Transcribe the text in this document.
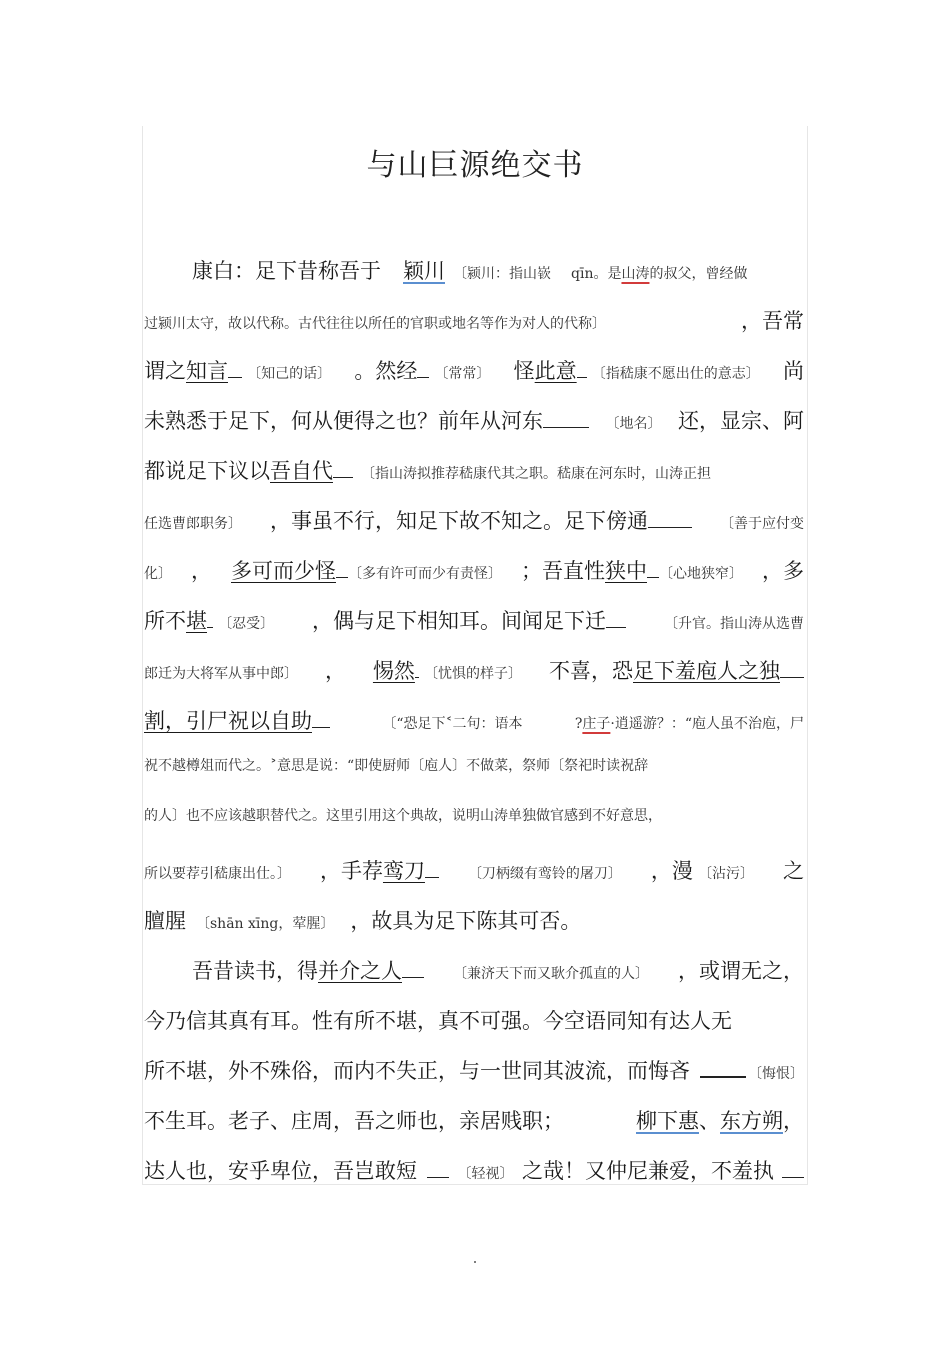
与山巨源绝交书
康白：足下昔称吾于 颖川 〔颍川：指山嵚 qīn。是山涛的叔父，曾经做
过颍川太守，故以代称。古代往往以所任的官职或地名等作为对人的代称〕	，吾常
谓之知言 〔知己的话〕 。然经 〔常常〕 怪此意 〔指嵇康不愿出仕的意志〕 尚
未熟悉于足下，何从便得之也？前年从河东	〔地名〕 还，显宗、阿
都说足下议以吾自代 〔指山涛拟推荐嵇康代其之职。嵇康在河东时，山涛正担
任选曹郎职务〕 ，事虽不行，知足下故不知之。足下傍通	〔善于应付变
化〕 ， 多可而少怪 〔多有许可而少有责怪〕 ；吾直性狭中 〔心地狭窄〕 ，多
所不堪 〔忍受〕 ，偶与足下相知耳。间闻足下迁	〔升官。指山涛从选曹
郎迁为大将军从事中郎〕 ， 惕然 〔忧惧的样子〕 不喜，恐足下羞庖人之独
割，引尸祝以自助	〔“恐足下˂二句：语本	?庄子·逍遥游？：“庖人虽不治庖，尸
祝不越樽俎而代之。˃意思是说：“即使厨师〔庖人〕不做菜，祭师〔祭祀时读祝辞
的人〕也不应该越职替代之。这里引用这个典故，说明山涛单独做官感到不好意思，
所以要荐引嵇康出仕。〕 ，手荐鸾刀	〔刀柄缀有鸾铃的屠刀〕 ，漫 〔沾污〕 之
膻腥 〔shān xīng，荤腥〕 ，故具为足下陈其可否。
吾昔读书，得并介之人	〔兼济天下而又耿介孤直的人〕 ，或谓无之，
今乃信其真有耳。性有所不堪，真不可强。今空语同知有达人无
所不堪，外不殊俗，而内不失正，与一世同其波流，而悔吝	〔悔恨〕
不生耳。老子、庄周，吾之师也，亲居贱职；	柳下惠、东方朔，
达人也，安乎卑位，吾岂敢短	〔轻视〕 之哉！又仲尼兼爱，不羞执
